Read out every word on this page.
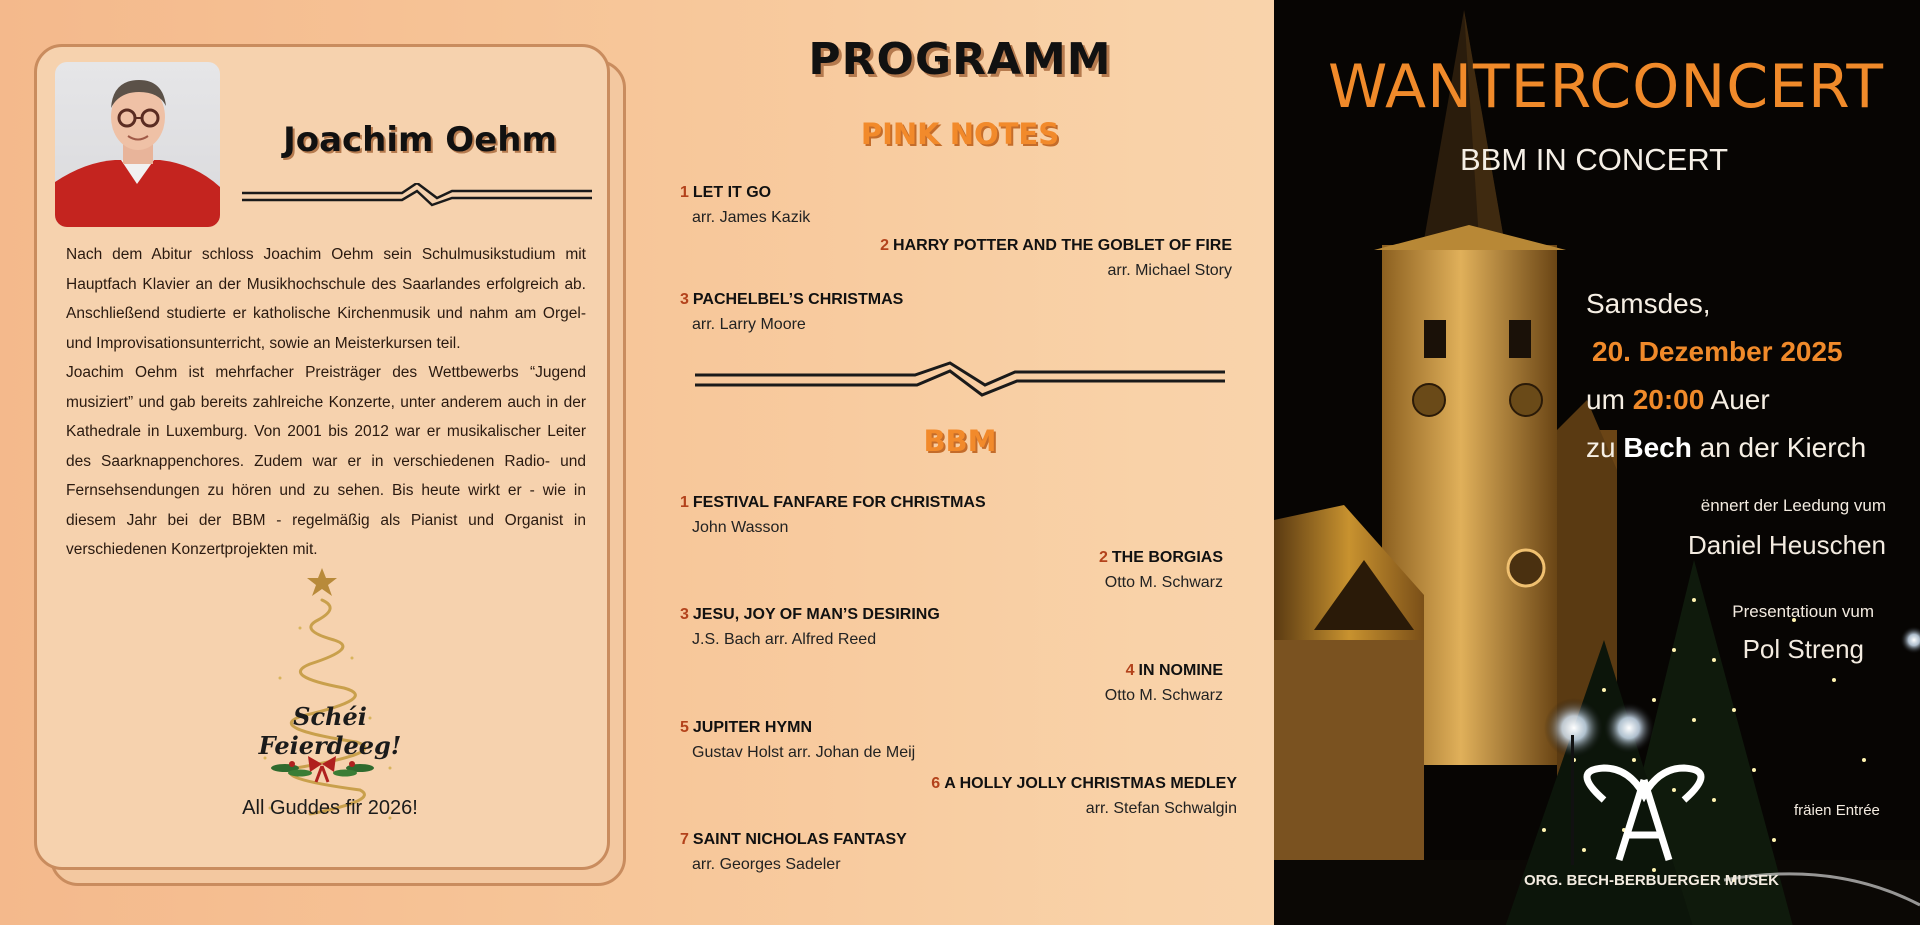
Joachim Oehm

Nach dem Abitur schloss Joachim Oehm sein Schulmusikstudium mit Hauptfach Klavier an der Musikhochschule des Saarlandes erfolgreich ab. Anschließend studierte er katholische Kirchenmusik und nahm am Orgel- und Improvisationsunterricht, sowie an Meisterkursen teil.

Joachim Oehm ist mehrfacher Preisträger des Wettbewerbs “Jugend musiziert” und gab bereits zahlreiche Konzerte, unter anderem auch in der Kathedrale in Luxemburg. Von 2001 bis 2012 war er musikalischer Leiter des Saarknappenchores. Zudem war er in verschiedenen Radio- und Fernsehsendungen zu hören und zu sehen. Bis heute wirkt er - wie in diesem Jahr bei der BBM - regelmäßig als Pianist und Organist in verschiedenen Konzertprojekten mit.

Schéi Feierdeeg!
All Guddes fir 2026!
PROGRAMM
PINK NOTES
1 LET IT GO
arr. James Kazik
2 HARRY POTTER AND THE GOBLET OF FIRE
arr. Michael Story
3 PACHELBEL’S CHRISTMAS
arr. Larry Moore
BBM
1 FESTIVAL FANFARE FOR CHRISTMAS
John Wasson
2 THE BORGIAS
Otto M. Schwarz
3 JESU, JOY OF MAN’S DESIRING
J.S. Bach arr. Alfred Reed
4 IN NOMINE
Otto M. Schwarz
5 JUPITER HYMN
Gustav Holst arr. Johan de Meij
6 A HOLLY JOLLY CHRISTMAS MEDLEY
arr. Stefan Schwalgin
7 SAINT NICHOLAS FANTASY
arr. Georges Sadeler
WANTERCONCERT
BBM IN CONCERT
Samsdes,
20. Dezember 2025
um 20:00 Auer
zu Bech an der Kierch
ënnert der Leedung vum
Daniel Heuschen
Presentatioun vum
Pol Streng
fräien Entrée
ORG. BECH-BERBUERGER MUSEK
